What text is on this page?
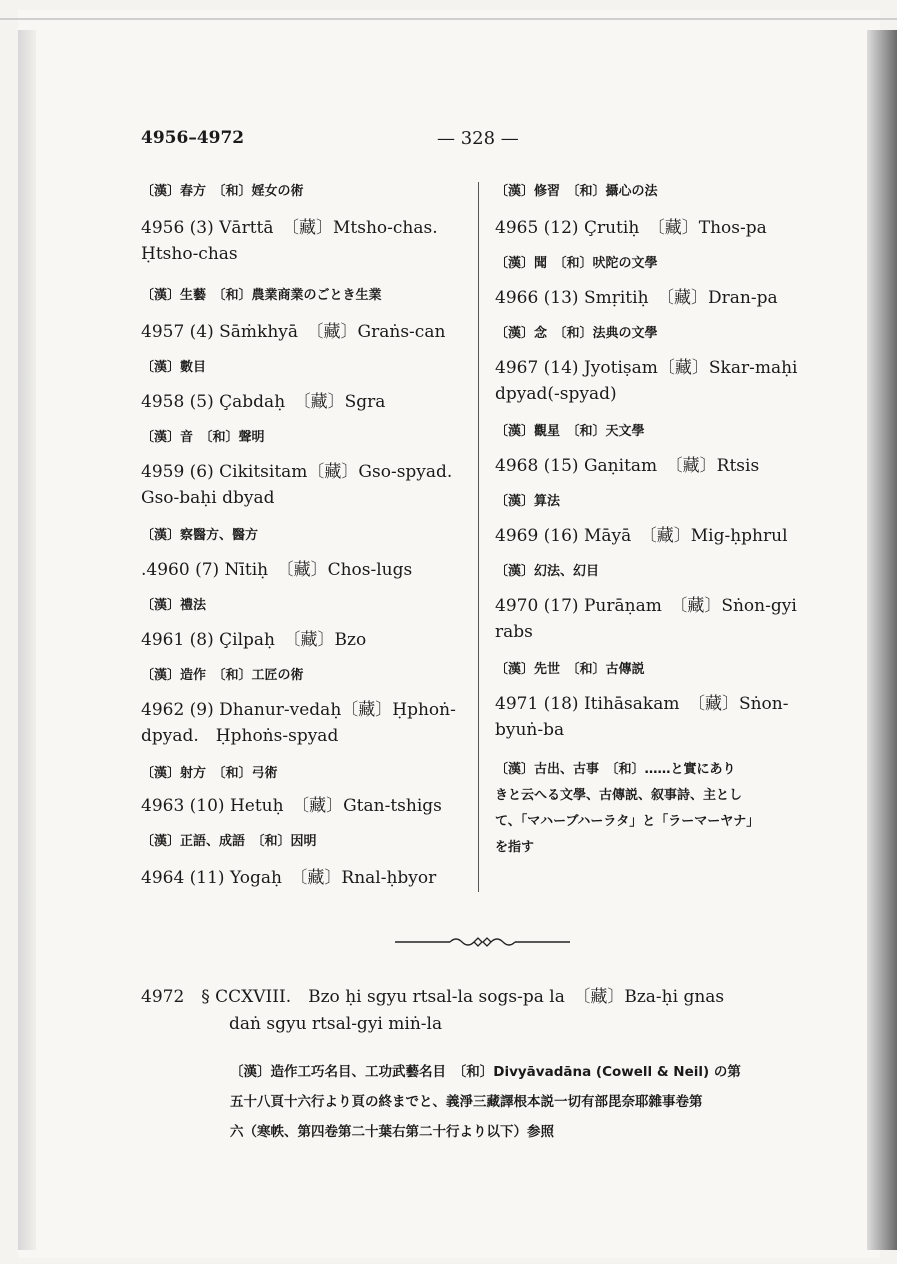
4956–4972	— 328 —
〔漢〕春方　〔和〕婬女の術
4956 (3) Vārttā　〔藏〕Mtsho-chas.
Ḥtsho-chas
〔漢〕生藝　〔和〕農業商業のごとき生業
4957 (4) Sāṁkhyā　〔藏〕Graṅs-can
〔漢〕數目
4958 (5) Çabdaḥ　〔藏〕Sgra
〔漢〕音　〔和〕聲明
4959 (6) Cikitsitam〔藏〕Gso-spyad.
Gso-baḥi dbyad
〔漢〕察醫方、醫方
.4960 (7) Nītiḥ　〔藏〕Chos-lugs
〔漢〕禮法
4961 (8) Çilpaḥ　〔藏〕Bzo
〔漢〕造作　〔和〕工匠の術
4962 (9) Dhanur-vedaḥ〔藏〕Ḥphoṅ-
dpyad.　Ḥphoṅs-spyad
〔漢〕射方　〔和〕弓術
4963 (10) Hetuḥ　〔藏〕Gtan-tshigs
〔漢〕正語、成語　〔和〕因明
4964 (11) Yogaḥ　〔藏〕Rnal-ḥbyor
〔漢〕修習　〔和〕攝心の法
4965 (12) Çrutiḥ　〔藏〕Thos-pa
〔漢〕聞　〔和〕吠陀の文學
4966 (13) Smṛitiḥ　〔藏〕Dran-pa
〔漢〕念　〔和〕法典の文學
4967 (14) Jyotiṣam〔藏〕Skar-maḥi
dpyad(-spyad)
〔漢〕觀星　〔和〕天文學
4968 (15) Gaṇitam　〔藏〕Rtsis
〔漢〕算法
4969 (16) Māyā　〔藏〕Mig-ḥphrul
〔漢〕幻法、幻目
4970 (17) Purāṇam　〔藏〕Sṅon-gyi
rabs
〔漢〕先世　〔和〕古傳説
4971 (18) Itihāsakam　〔藏〕Sṅon-
byuṅ-ba
〔漢〕古出、古事　〔和〕……と實にあり
きと云へる文學、古傳説、叙事詩、主とし
て、「マハーブハーラタ」と「ラーマーヤナ」
を指す
4972　§ CCXVIII.　Bzo ḥi sgyu rtsal-la sogs-pa la　〔藏〕Bza-ḥi gnas
daṅ sgyu rtsal-gyi miṅ-la
〔漢〕造作工巧名目、工功武藝名目　〔和〕Divyāvadāna (Cowell & Neil) の第
五十八頁十六行より頁の終までと、義淨三藏譯根本説一切有部毘奈耶雜事卷第
六（寒帙、第四卷第二十葉右第二十行より以下）参照
